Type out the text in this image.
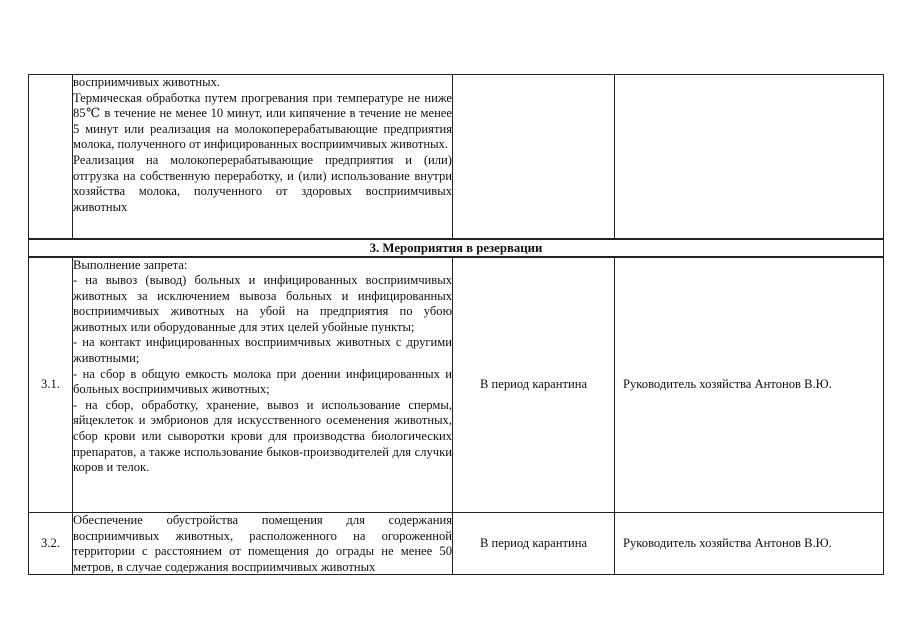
	восприимчивых животных.

Термическая обработка путем прогревания при температуре не ниже 85℃ в течение не менее 10 минут, или кипячение в течение не менее 5 минут или реализация на молокоперерабатывающие предприятия молока, полученного от инфицированных восприимчивых животных.

Реализация на молокоперерабатывающие предприятия и (или) отгрузка на собственную переработку, и (или) использование внутри хозяйства молока, полученного от здоровых восприимчивых животных		

3. Мероприятия в резервации			
3.1.	Выполнение запрета:
- на вывоз (вывод) больных и инфицированных восприимчивых животных за исключением вывоза больных и инфицированных восприимчивых животных на убой на предприятия по убою животных или оборудованные для этих целей убойные пункты;
- на контакт инфицированных восприимчивых животных с другими животными;
- на сбор в общую емкость молока при доении инфицированных и больных восприимчивых животных;
- на сбор, обработку, хранение, вывоз и использование спермы, яйцеклеток и эмбрионов для искусственного осеменения животных, сбор крови или сыворотки крови для производства биологических препаратов, а также использование быков-производителей для случки коров и телок.	В период карантина	Руководитель хозяйства Антонов В.Ю.
3.2.	Обеспечение обустройства помещения для содержания восприимчивых животных, расположенного на огороженной территории с расстоянием от помещения до ограды не менее 50 метров, в случае содержания восприимчивых животных	В период карантина	Руководитель хозяйства Антонов В.Ю.
